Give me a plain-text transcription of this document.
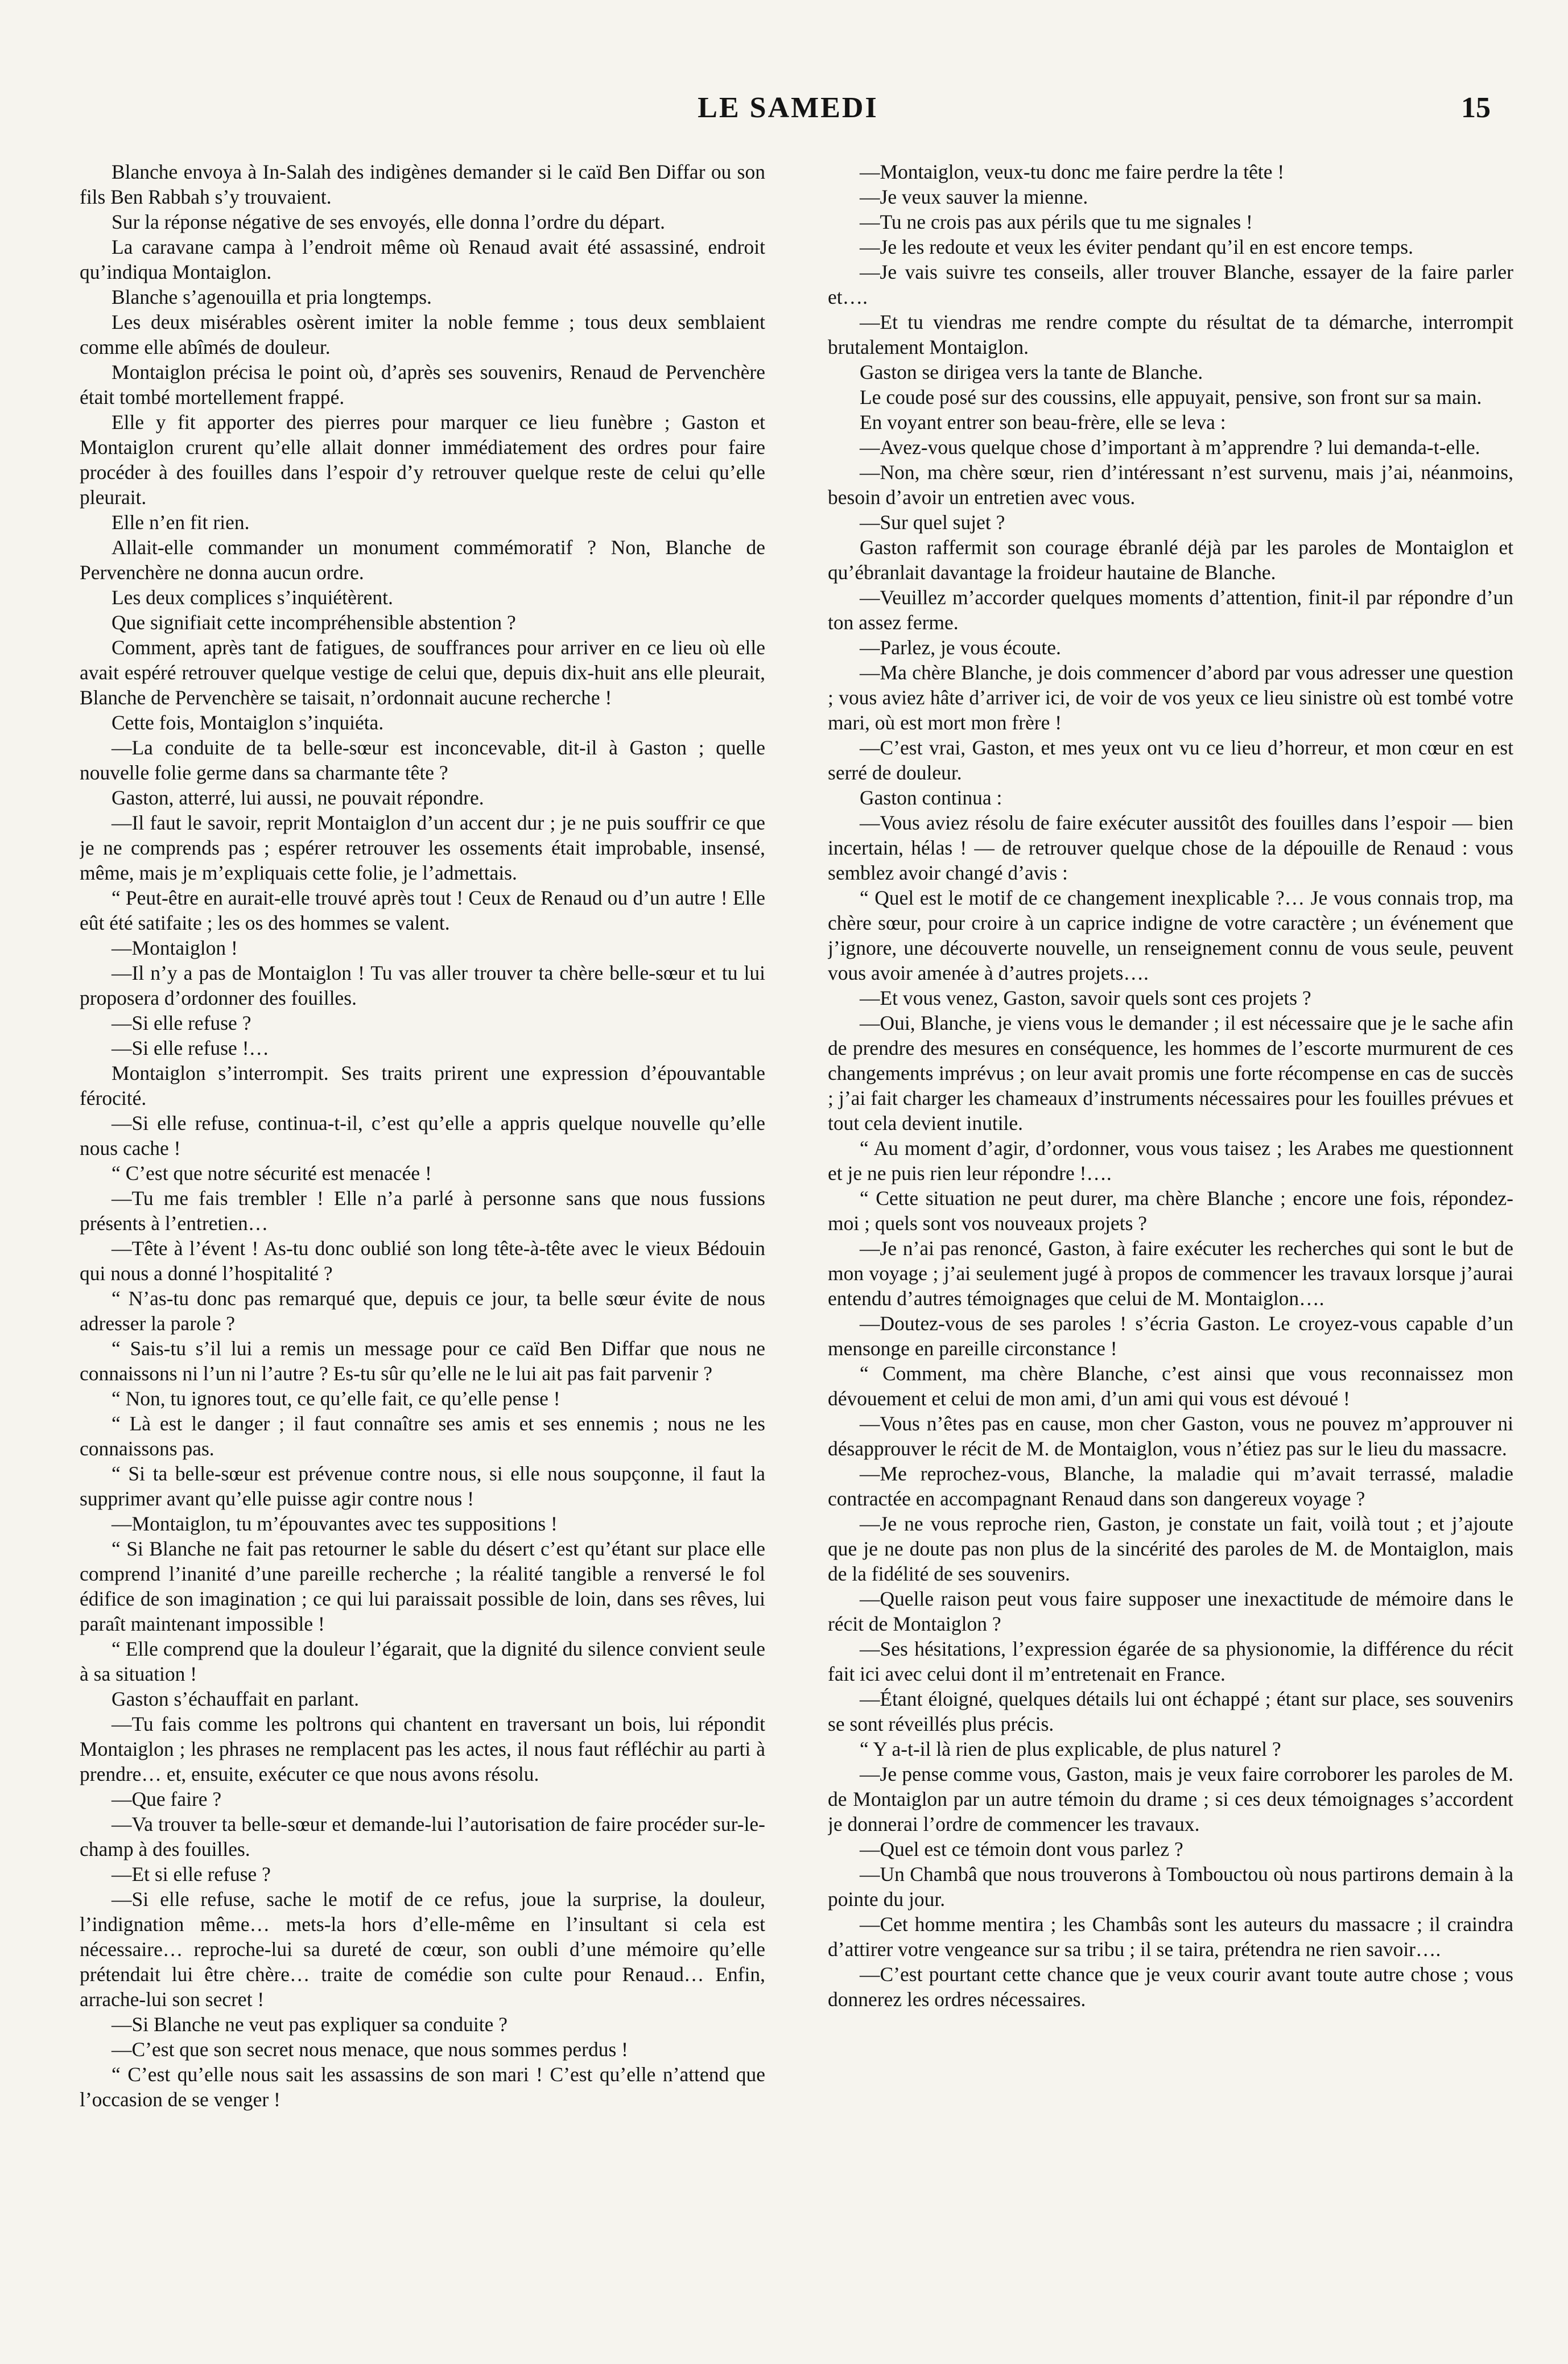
LE SAMEDI	15

Blanche envoya à In-Salah des indigènes demander si le caïd Ben Diffar ou son fils Ben Rabbah s’y trouvaient.

Sur la réponse négative de ses envoyés, elle donna l’ordre du départ.

La caravane campa à l’endroit même où Renaud avait été assassiné, endroit qu’indiqua Montaiglon.

Blanche s’agenouilla et pria longtemps.

Les deux misérables osèrent imiter la noble femme ; tous deux semblaient comme elle abîmés de douleur.

Montaiglon précisa le point où, d’après ses souvenirs, Renaud de Pervenchère était tombé mortellement frappé.

Elle y fit apporter des pierres pour marquer ce lieu funèbre ; Gaston et Montaiglon crurent qu’elle allait donner immédiatement des ordres pour faire procéder à des fouilles dans l’espoir d’y retrouver quelque reste de celui qu’elle pleurait.

Elle n’en fit rien.

Allait-elle commander un monument commémoratif ? Non, Blanche de Pervenchère ne donna aucun ordre.

Les deux complices s’inquiétèrent.

Que signifiait cette incompréhensible abstention ?

Comment, après tant de fatigues, de souffrances pour arriver en ce lieu où elle avait espéré retrouver quelque vestige de celui que, depuis dix-huit ans elle pleurait, Blanche de Pervenchère se taisait, n’ordonnait aucune recherche !

Cette fois, Montaiglon s’inquiéta.

—La conduite de ta belle-sœur est inconcevable, dit-il à Gaston ; quelle nouvelle folie germe dans sa charmante tête ?

Gaston, atterré, lui aussi, ne pouvait répondre.

—Il faut le savoir, reprit Montaiglon d’un accent dur ; je ne puis souffrir ce que je ne comprends pas ; espérer retrouver les ossements était improbable, insensé, même, mais je m’expliquais cette folie, je l’admettais.

“ Peut-être en aurait-elle trouvé après tout ! Ceux de Renaud ou d’un autre ! Elle eût été satifaite ; les os des hommes se valent.

—Montaiglon !

—Il n’y a pas de Montaiglon ! Tu vas aller trouver ta chère belle-sœur et tu lui proposera d’ordonner des fouilles.

—Si elle refuse ?

—Si elle refuse !…

Montaiglon s’interrompit. Ses traits prirent une expression d’épouvantable férocité.

—Si elle refuse, continua-t-il, c’est qu’elle a appris quelque nouvelle qu’elle nous cache !

“ C’est que notre sécurité est menacée !

—Tu me fais trembler ! Elle n’a parlé à personne sans que nous fussions présents à l’entretien…

—Tête à l’évent ! As-tu donc oublié son long tête-à-tête avec le vieux Bédouin qui nous a donné l’hospitalité ?

“ N’as-tu donc pas remarqué que, depuis ce jour, ta belle sœur évite de nous adresser la parole ?

“ Sais-tu s’il lui a remis un message pour ce caïd Ben Diffar que nous ne connaissons ni l’un ni l’autre ? Es-tu sûr qu’elle ne le lui ait pas fait parvenir ?

“ Non, tu ignores tout, ce qu’elle fait, ce qu’elle pense !

“ Là est le danger ; il faut connaître ses amis et ses ennemis ; nous ne les connaissons pas.

“ Si ta belle-sœur est prévenue contre nous, si elle nous soupçonne, il faut la supprimer avant qu’elle puisse agir contre nous !

—Montaiglon, tu m’épouvantes avec tes suppositions !

“ Si Blanche ne fait pas retourner le sable du désert c’est qu’étant sur place elle comprend l’inanité d’une pareille recherche ; la réalité tangible a renversé le fol édifice de son imagination ; ce qui lui paraissait possible de loin, dans ses rêves, lui paraît maintenant impossible !

“ Elle comprend que la douleur l’égarait, que la dignité du silence convient seule à sa situation !

Gaston s’échauffait en parlant.

—Tu fais comme les poltrons qui chantent en traversant un bois, lui répondit Montaiglon ; les phrases ne remplacent pas les actes, il nous faut réfléchir au parti à prendre… et, ensuite, exécuter ce que nous avons résolu.

—Que faire ?

—Va trouver ta belle-sœur et demande-lui l’autorisation de faire procéder sur-le-champ à des fouilles.

—Et si elle refuse ?

—Si elle refuse, sache le motif de ce refus, joue la surprise, la douleur, l’indignation même… mets-la hors d’elle-même en l’insultant si cela est nécessaire… reproche-lui sa dureté de cœur, son oubli d’une mémoire qu’elle prétendait lui être chère… traite de comédie son culte pour Renaud… Enfin, arrache-lui son secret !

—Si Blanche ne veut pas expliquer sa conduite ?

—C’est que son secret nous menace, que nous sommes perdus !

“ C’est qu’elle nous sait les assassins de son mari ! C’est qu’elle n’attend que l’occasion de se venger !

—Montaiglon, veux-tu donc me faire perdre la tête !

—Je veux sauver la mienne.

—Tu ne crois pas aux périls que tu me signales !

—Je les redoute et veux les éviter pendant qu’il en est encore temps.

—Je vais suivre tes conseils, aller trouver Blanche, essayer de la faire parler et….

—Et tu viendras me rendre compte du résultat de ta démarche, interrompit brutalement Montaiglon.

Gaston se dirigea vers la tante de Blanche.

Le coude posé sur des coussins, elle appuyait, pensive, son front sur sa main.

En voyant entrer son beau-frère, elle se leva :

—Avez-vous quelque chose d’important à m’apprendre ? lui demanda-t-elle.

—Non, ma chère sœur, rien d’intéressant n’est survenu, mais j’ai, néanmoins, besoin d’avoir un entretien avec vous.

—Sur quel sujet ?

Gaston raffermit son courage ébranlé déjà par les paroles de Montaiglon et qu’ébranlait davantage la froideur hautaine de Blanche.

—Veuillez m’accorder quelques moments d’attention, finit-il par répondre d’un ton assez ferme.

—Parlez, je vous écoute.

—Ma chère Blanche, je dois commencer d’abord par vous adresser une question ; vous aviez hâte d’arriver ici, de voir de vos yeux ce lieu sinistre où est tombé votre mari, où est mort mon frère !

—C’est vrai, Gaston, et mes yeux ont vu ce lieu d’horreur, et mon cœur en est serré de douleur.

Gaston continua :

—Vous aviez résolu de faire exécuter aussitôt des fouilles dans l’espoir — bien incertain, hélas ! — de retrouver quelque chose de la dépouille de Renaud : vous semblez avoir changé d’avis :

“ Quel est le motif de ce changement inexplicable ?… Je vous connais trop, ma chère sœur, pour croire à un caprice indigne de votre caractère ; un événement que j’ignore, une découverte nouvelle, un renseignement connu de vous seule, peuvent vous avoir amenée à d’autres projets….

—Et vous venez, Gaston, savoir quels sont ces projets ?

—Oui, Blanche, je viens vous le demander ; il est nécessaire que je le sache afin de prendre des mesures en conséquence, les hommes de l’escorte murmurent de ces changements imprévus ; on leur avait promis une forte récompense en cas de succès ; j’ai fait charger les chameaux d’instruments nécessaires pour les fouilles prévues et tout cela devient inutile.

“ Au moment d’agir, d’ordonner, vous vous taisez ; les Arabes me questionnent et je ne puis rien leur répondre !….

“ Cette situation ne peut durer, ma chère Blanche ; encore une fois, répondez-moi ; quels sont vos nouveaux projets ?

—Je n’ai pas renoncé, Gaston, à faire exécuter les recherches qui sont le but de mon voyage ; j’ai seulement jugé à propos de commencer les travaux lorsque j’aurai entendu d’autres témoignages que celui de M. Montaiglon….

—Doutez-vous de ses paroles ! s’écria Gaston. Le croyez-vous capable d’un mensonge en pareille circonstance !

“ Comment, ma chère Blanche, c’est ainsi que vous reconnaissez mon dévouement et celui de mon ami, d’un ami qui vous est dévoué !

—Vous n’êtes pas en cause, mon cher Gaston, vous ne pouvez m’approuver ni désapprouver le récit de M. de Montaiglon, vous n’étiez pas sur le lieu du massacre.

—Me reprochez-vous, Blanche, la maladie qui m’avait terrassé, maladie contractée en accompagnant Renaud dans son dangereux voyage ?

—Je ne vous reproche rien, Gaston, je constate un fait, voilà tout ; et j’ajoute que je ne doute pas non plus de la sincérité des paroles de M. de Montaiglon, mais de la fidélité de ses souvenirs.

—Quelle raison peut vous faire supposer une inexactitude de mémoire dans le récit de Montaiglon ?

—Ses hésitations, l’expression égarée de sa physionomie, la différence du récit fait ici avec celui dont il m’entretenait en France.

—Étant éloigné, quelques détails lui ont échappé ; étant sur place, ses souvenirs se sont réveillés plus précis.

“ Y a-t-il là rien de plus explicable, de plus naturel ?

—Je pense comme vous, Gaston, mais je veux faire corroborer les paroles de M. de Montaiglon par un autre témoin du drame ; si ces deux témoignages s’accordent je donnerai l’ordre de commencer les travaux.

—Quel est ce témoin dont vous parlez ?

—Un Chambâ que nous trouverons à Tombouctou où nous partirons demain à la pointe du jour.

—Cet homme mentira ; les Chambâs sont les auteurs du massacre ; il craindra d’attirer votre vengeance sur sa tribu ; il se taira, prétendra ne rien savoir….

—C’est pourtant cette chance que je veux courir avant toute autre chose ; vous donnerez les ordres nécessaires.
